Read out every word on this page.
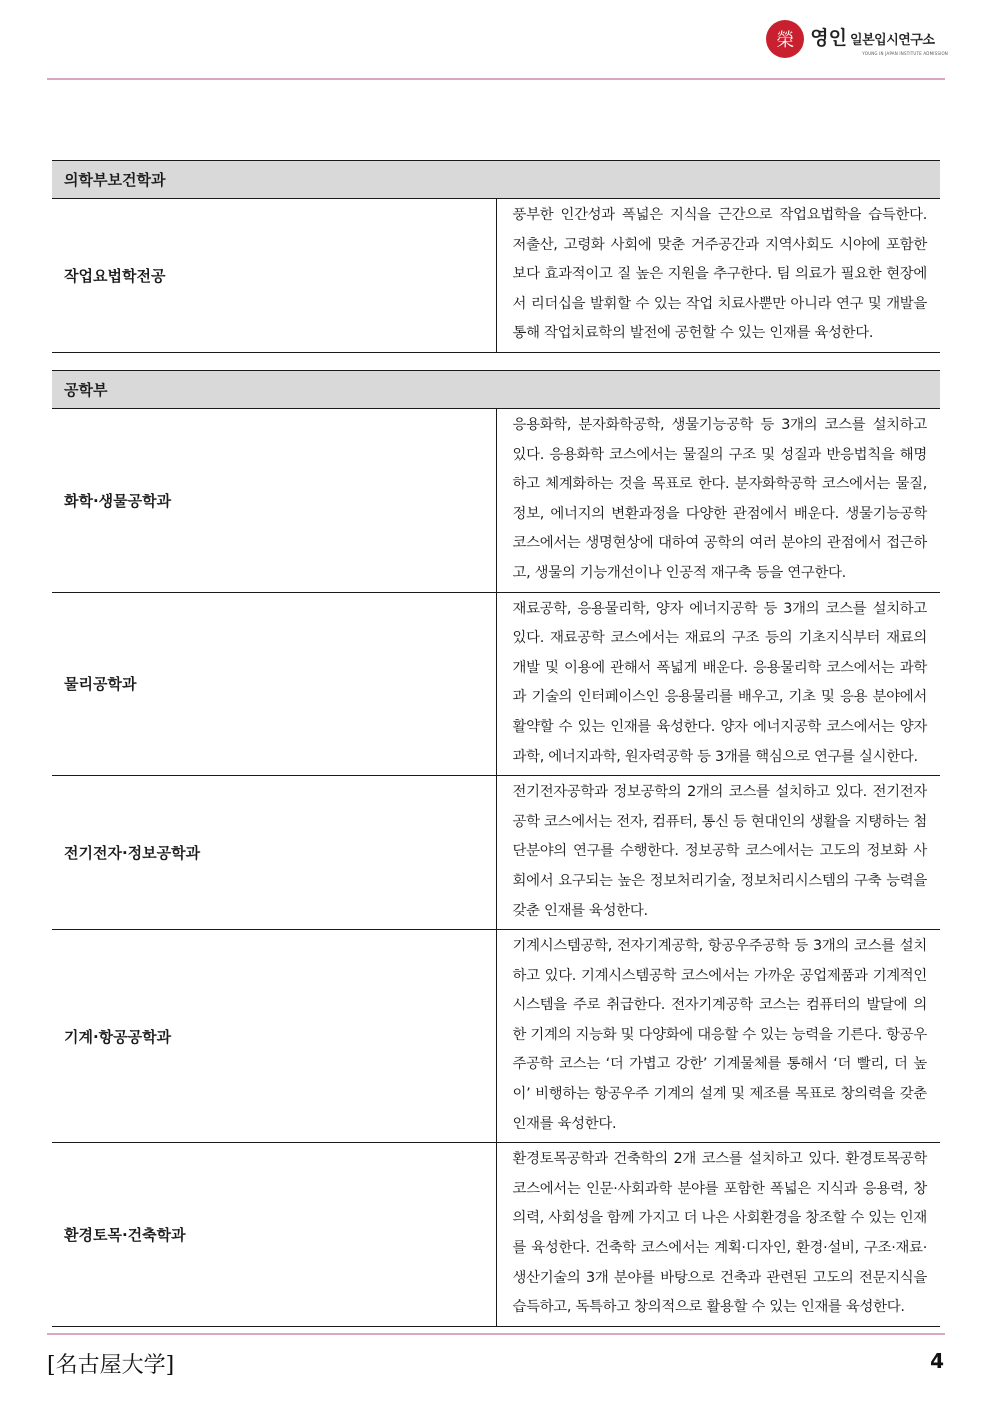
榮 영인 일본입시연구소
YOUNG IN JAPAN INSTITUTE ADMISSION
의학부보건학과
작업요법학전공	풍부한 인간성과 폭넓은 지식을 근간으로 작업요법학을 습득한다. 저출산, 고령화 사회에 맞춘 거주공간과 지역사회도 시야에 포함한 보다 효과적이고 질 높은 지원을 추구한다. 팀 의료가 필요한 현장에서 리더십을 발휘할 수 있는 작업 치료사뿐만 아니라 연구 및 개발을 통해 작업치료학의 발전에 공헌할 수 있는 인재를 육성한다.
공학부	
화학·생물공학과	응용화학, 분자화학공학, 생물기능공학 등 3개의 코스를 설치하고 있다. 응용화학 코스에서는 물질의 구조 및 성질과 반응법칙을 해명하고 체계화하는 것을 목표로 한다. 분자화학공학 코스에서는 물질, 정보, 에너지의 변환과정을 다양한 관점에서 배운다. 생물기능공학 코스에서는 생명현상에 대하여 공학의 여러 분야의 관점에서 접근하고, 생물의 기능개선이나 인공적 재구축 등을 연구한다.
물리공학과	재료공학, 응용물리학, 양자 에너지공학 등 3개의 코스를 설치하고 있다. 재료공학 코스에서는 재료의 구조 등의 기초지식부터 재료의 개발 및 이용에 관해서 폭넓게 배운다. 응용물리학 코스에서는 과학과 기술의 인터페이스인 응용물리를 배우고, 기초 및 응용 분야에서 활약할 수 있는 인재를 육성한다. 양자 에너지공학 코스에서는 양자과학, 에너지과학, 원자력공학 등 3개를 핵심으로 연구를 실시한다.
전기전자·정보공학과	전기전자공학과 정보공학의 2개의 코스를 설치하고 있다. 전기전자공학 코스에서는 전자, 컴퓨터, 통신 등 현대인의 생활을 지탱하는 첨단분야의 연구를 수행한다. 정보공학 코스에서는 고도의 정보화 사회에서 요구되는 높은 정보처리기술, 정보처리시스템의 구축 능력을 갖춘 인재를 육성한다.
기계·항공공학과	기계시스템공학, 전자기계공학, 항공우주공학 등 3개의 코스를 설치하고 있다. 기계시스템공학 코스에서는 가까운 공업제품과 기계적인 시스템을 주로 취급한다. 전자기계공학 코스는 컴퓨터의 발달에 의한 기계의 지능화 및 다양화에 대응할 수 있는 능력을 기른다. 항공우주공학 코스는 ‘더 가볍고 강한’ 기계물체를 통해서 ‘더 빨리, 더 높이’ 비행하는 항공우주 기계의 설계 및 제조를 목표로 창의력을 갖춘 인재를 육성한다.
환경토목·건축학과	환경토목공학과 건축학의 2개 코스를 설치하고 있다. 환경토목공학 코스에서는 인문·사회과학 분야를 포함한 폭넓은 지식과 응용력, 창의력, 사회성을 함께 가지고 더 나은 사회환경을 창조할 수 있는 인재를 육성한다. 건축학 코스에서는 계획·디자인, 환경·설비, 구조·재료·생산기술의 3개 분야를 바탕으로 건축과 관련된 고도의 전문지식을 습득하고, 독특하고 창의적으로 활용할 수 있는 인재를 육성한다.
[名古屋大学]	4
